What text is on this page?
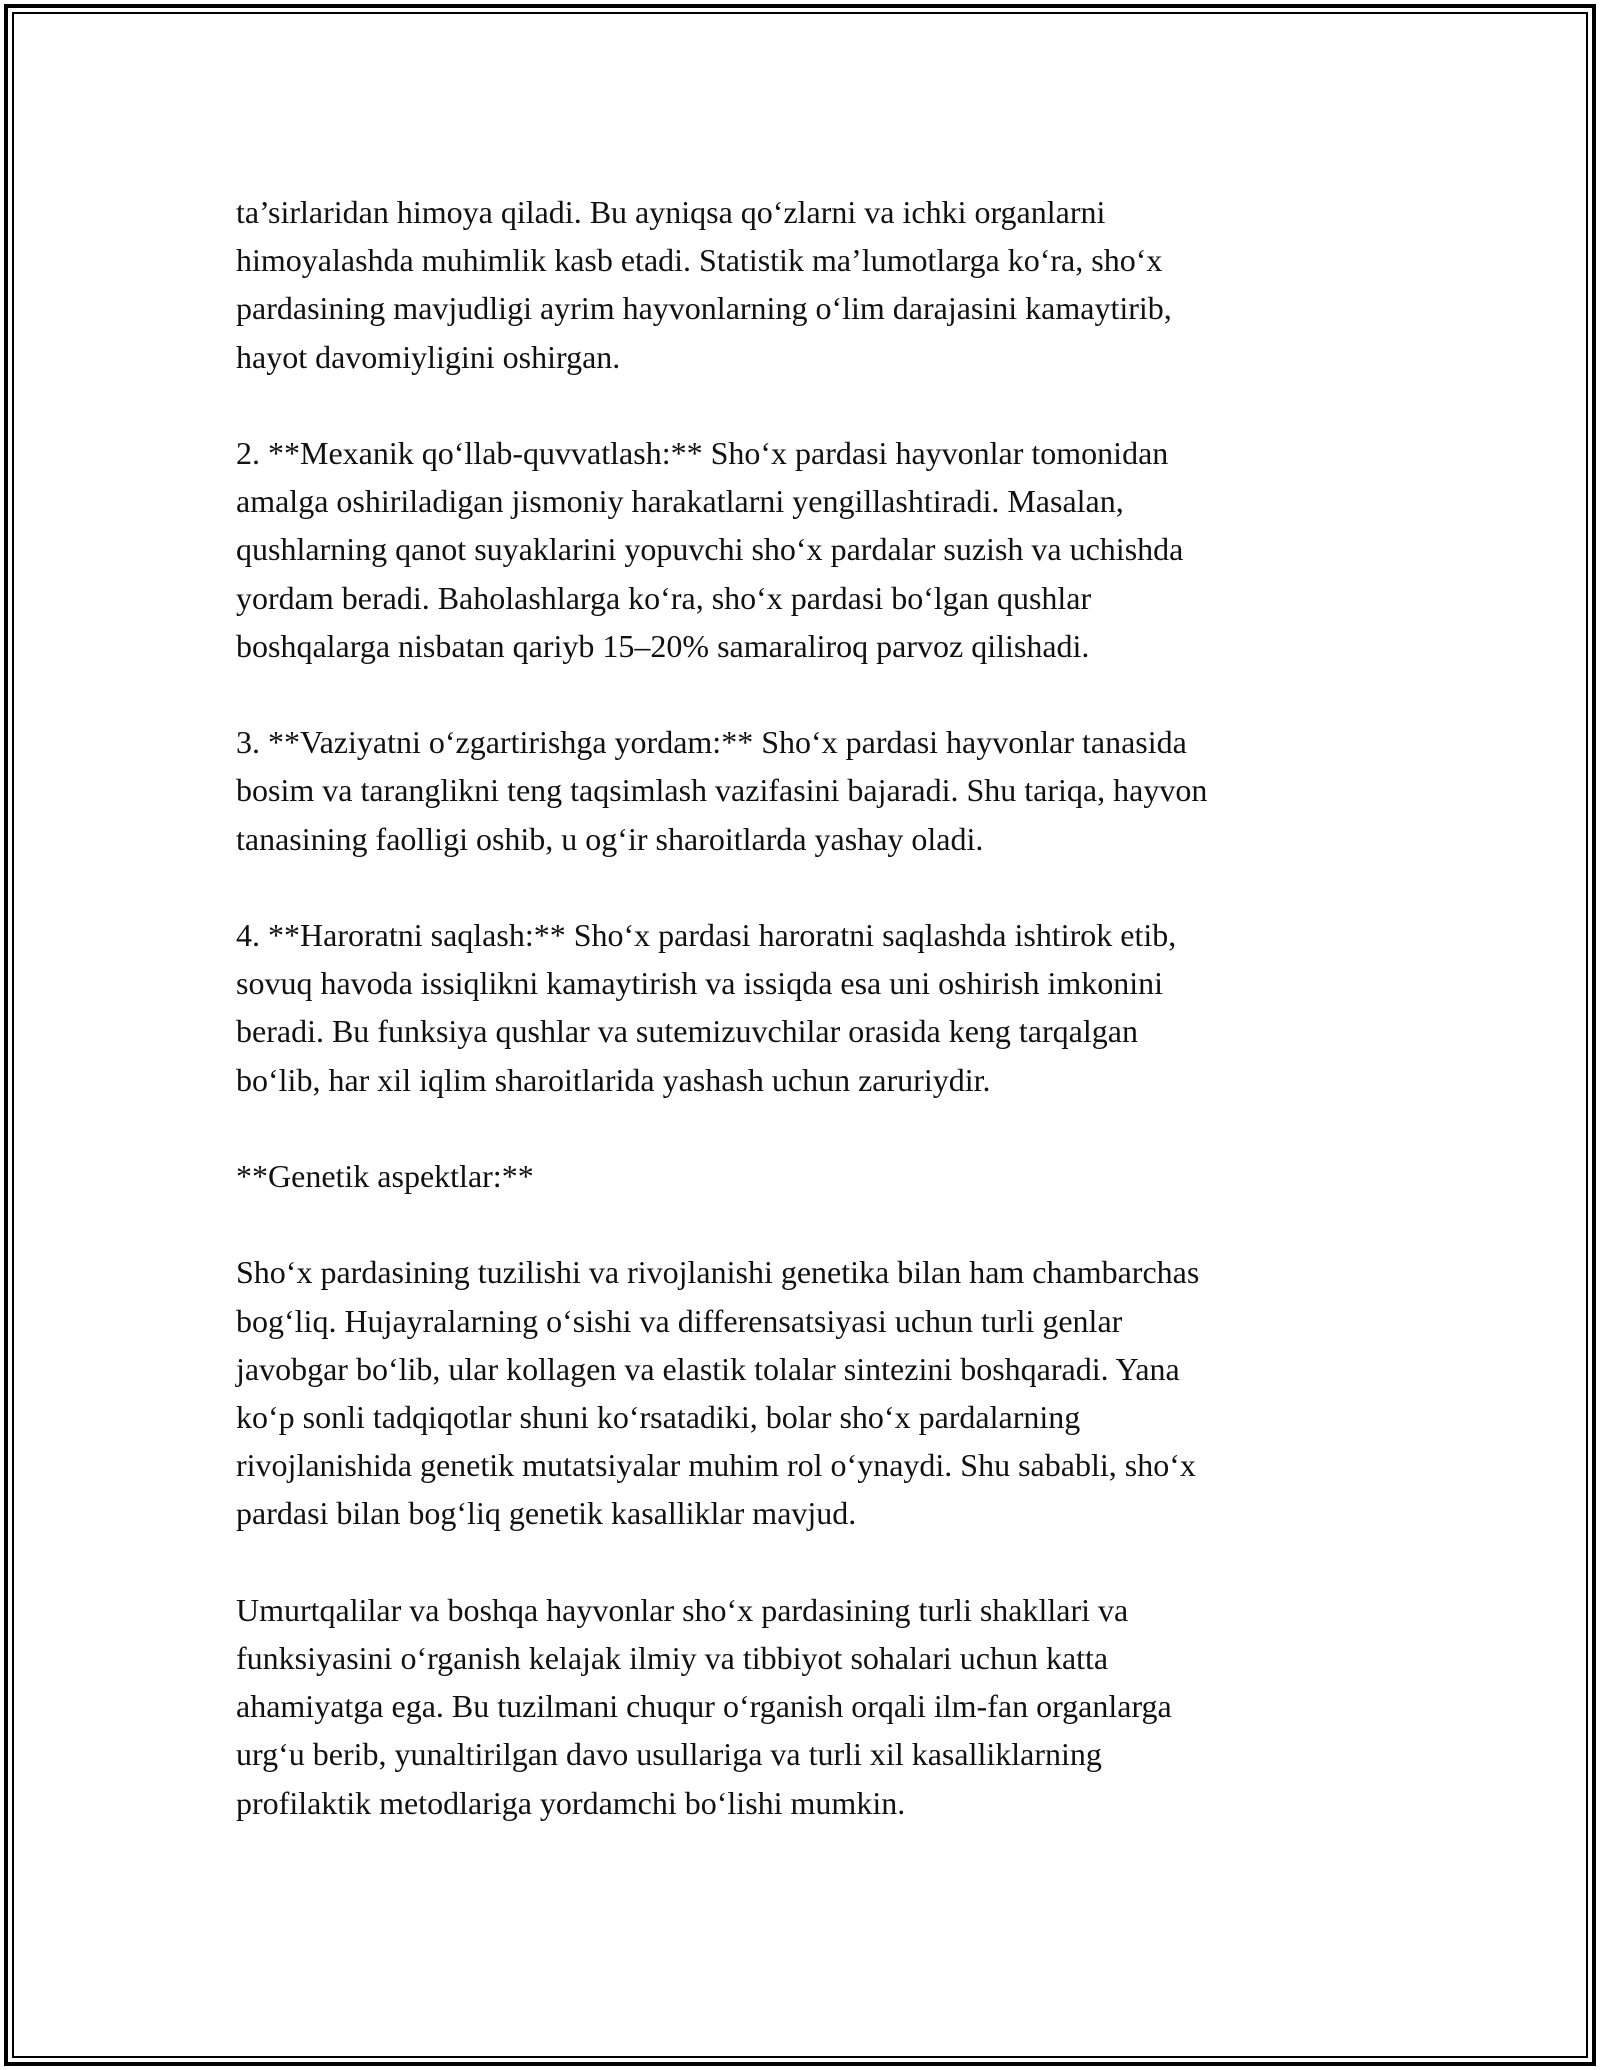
ta’sirlaridan himoya qiladi. Bu ayniqsa qo‘zlarni va ichki organlarni
himoyalashda muhimlik kasb etadi. Statistik ma’lumotlarga ko‘ra, sho‘x
pardasining mavjudligi ayrim hayvonlarning o‘lim darajasini kamaytirib,
hayot davomiyligini oshirgan.

2. **Mexanik qo‘llab-quvvatlash:** Sho‘x pardasi hayvonlar tomonidan
amalga oshiriladigan jismoniy harakatlarni yengillashtiradi. Masalan,
qushlarning qanot suyaklarini yopuvchi sho‘x pardalar suzish va uchishda
yordam beradi. Baholashlarga ko‘ra, sho‘x pardasi bo‘lgan qushlar
boshqalarga nisbatan qariyb 15–20% samaraliroq parvoz qilishadi.

3. **Vaziyatni o‘zgartirishga yordam:** Sho‘x pardasi hayvonlar tanasida
bosim va taranglikni teng taqsimlash vazifasini bajaradi. Shu tariqa, hayvon
tanasining faolligi oshib, u og‘ir sharoitlarda yashay oladi.

4. **Haroratni saqlash:** Sho‘x pardasi haroratni saqlashda ishtirok etib,
sovuq havoda issiqlikni kamaytirish va issiqda esa uni oshirish imkonini
beradi. Bu funksiya qushlar va sutemizuvchilar orasida keng tarqalgan
bo‘lib, har xil iqlim sharoitlarida yashash uchun zaruriydir.

**Genetik aspektlar:**

Sho‘x pardasining tuzilishi va rivojlanishi genetika bilan ham chambarchas
bog‘liq. Hujayralarning o‘sishi va differensatsiyasi uchun turli genlar
javobgar bo‘lib, ular kollagen va elastik tolalar sintezini boshqaradi. Yana
ko‘p sonli tadqiqotlar shuni ko‘rsatadiki, bolar sho‘x pardalarning
rivojlanishida genetik mutatsiyalar muhim rol o‘ynaydi. Shu sababli, sho‘x
pardasi bilan bog‘liq genetik kasalliklar mavjud.

Umurtqalilar va boshqa hayvonlar sho‘x pardasining turli shakllari va
funksiyasini o‘rganish kelajak ilmiy va tibbiyot sohalari uchun katta
ahamiyatga ega. Bu tuzilmani chuqur o‘rganish orqali ilm-fan organlarga
urg‘u berib, yunaltirilgan davo usullariga va turli xil kasalliklarning
profilaktik metodlariga yordamchi bo‘lishi mumkin.
